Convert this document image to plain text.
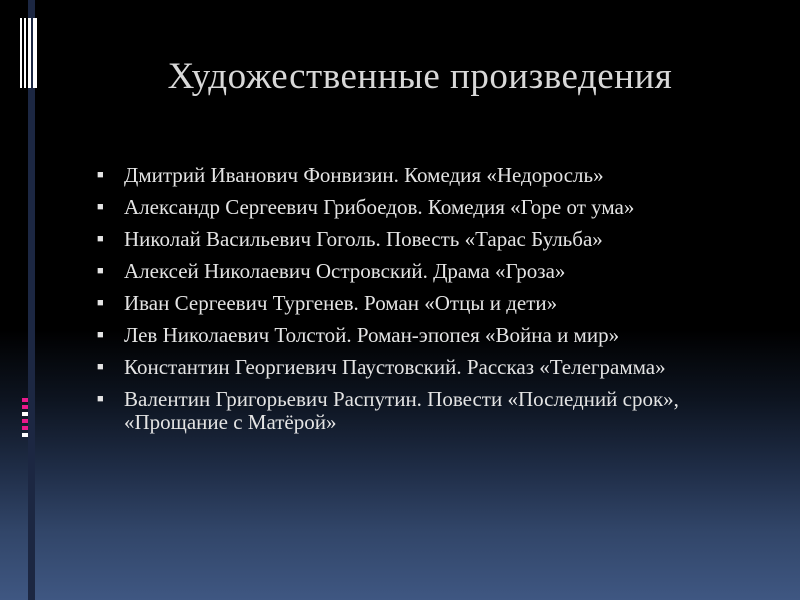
Художественные произведения
■ Дмитрий Иванович Фонвизин. Комедия «Недоросль»
■ Александр Сергеевич Грибоедов. Комедия «Горе от ума»
■ Николай Васильевич Гоголь. Повесть «Тарас Бульба»
■ Алексей Николаевич Островский. Драма «Гроза»
■ Иван Сергеевич Тургенев. Роман «Отцы и дети»
■ Лев Николаевич Толстой. Роман-эпопея «Война и мир»
■ Константин Георгиевич Паустовский. Рассказ «Телеграмма»
■ Валентин Григорьевич Распутин. Повести «Последний срок», «Прощание с Матёрой»
